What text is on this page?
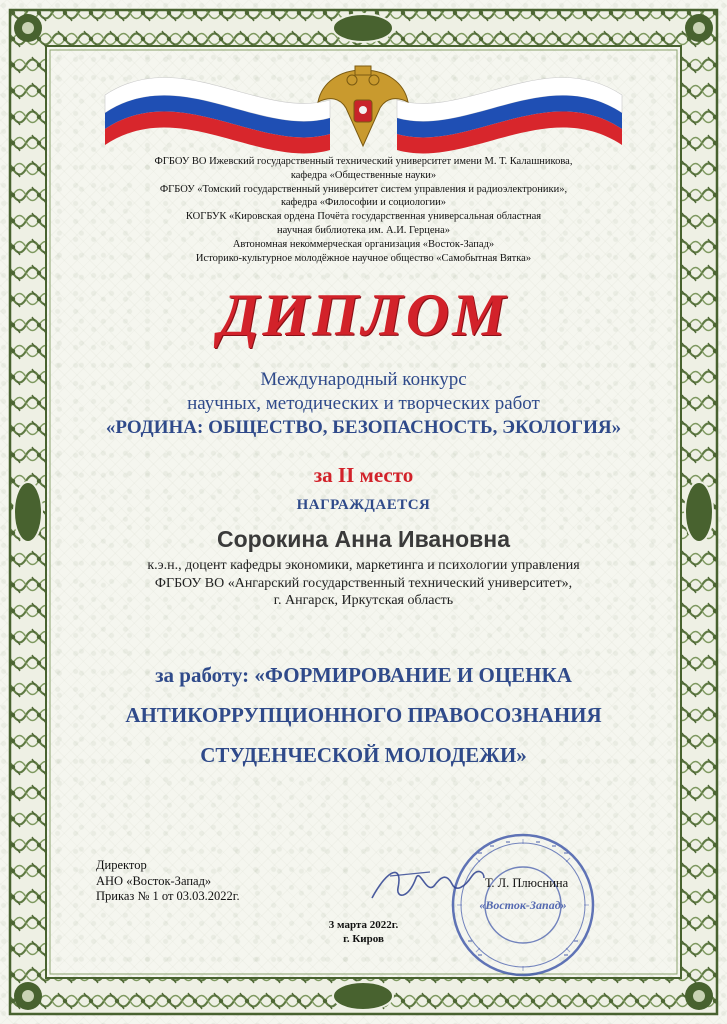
ФГБОУ ВО Ижевский государственный технический университет имени М. Т. Калашникова,
кафедра «Общественные науки»
ФГБОУ «Томский государственный университет систем управления и радиоэлектроники»,
кафедра «Философии и социологии»
КОГБУК «Кировская ордена Почёта государственная универсальная областная
научная библиотека им. А.И. Герцена»
Автономная некоммерческая организация «Восток-Запад»
Историко-культурное молодёжное научное общество «Самобытная Вятка»
ДИПЛОМ
Международный конкурс
научных, методических и творческих работ
«РОДИНА: ОБЩЕСТВО, БЕЗОПАСНОСТЬ, ЭКОЛОГИЯ»
за II место
НАГРАЖДАЕТСЯ
Сорокина Анна Ивановна
к.э.н., доцент кафедры экономики, маркетинга и психологии управления
ФГБОУ ВО «Ангарский государственный технический университет»,
г. Ангарск, Иркутская область
за работу: «ФОРМИРОВАНИЕ И ОЦЕНКА
АНТИКОРРУПЦИОННОГО ПРАВОСОЗНАНИЯ
СТУДЕНЧЕСКОЙ МОЛОДЕЖИ»
Директор
АНО «Восток-Запад»
Приказ № 1 от 03.03.2022г.
«Восток-Запад»
Т. Л. Плюснина
3 марта 2022г.
г. Киров
